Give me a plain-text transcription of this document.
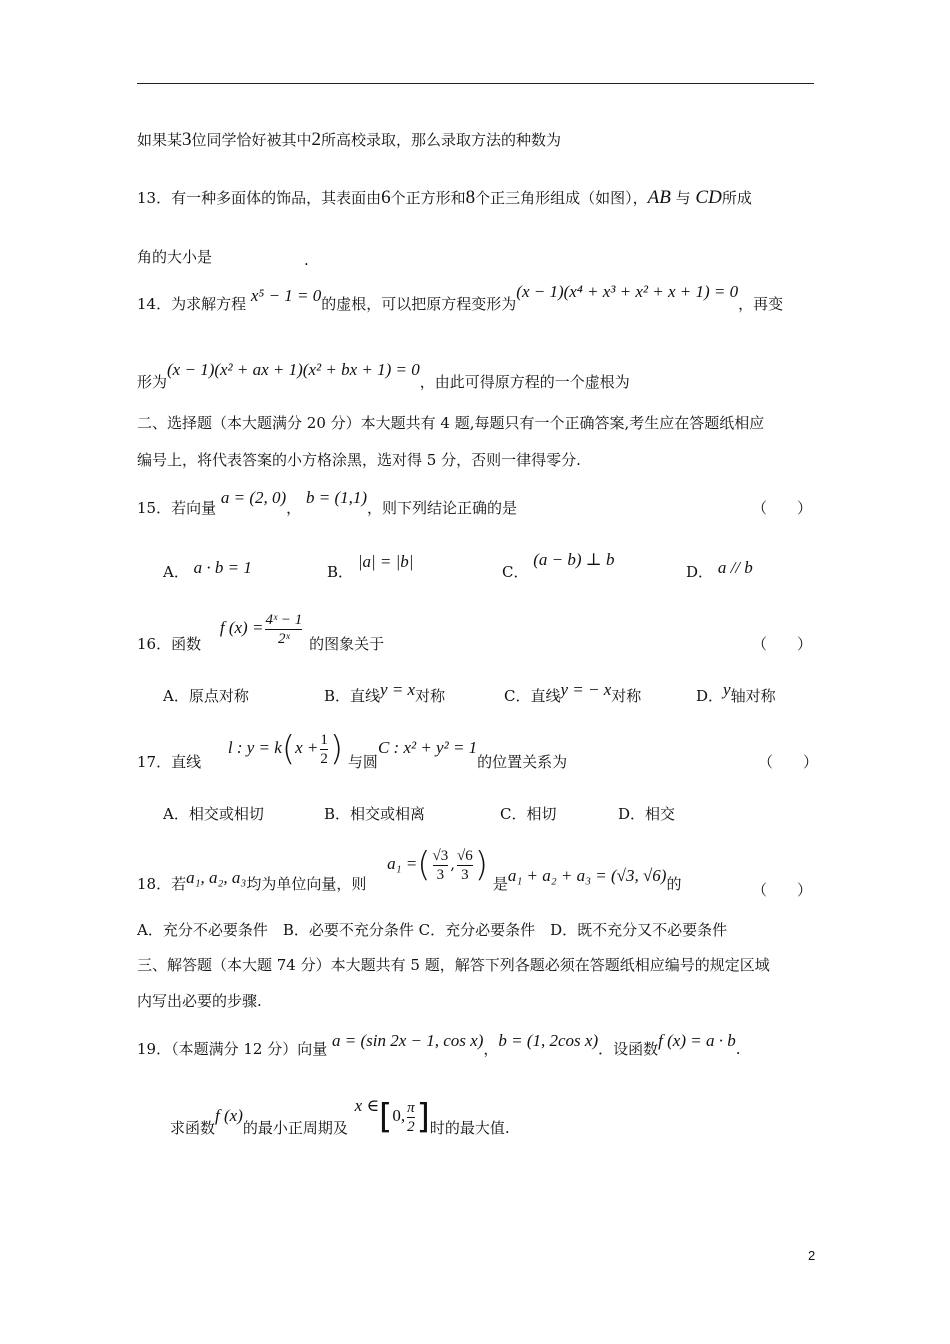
如果某3位同学恰好被其中2所高校录取，那么录取方法的种数为
13．有一种多面体的饰品，其表面由6个正方形和8个正三角形组成（如图），AB 与 CD所成
角的大小是	.
14．为求解方程 x⁵ − 1 = 0的虚根，可以把原方程变形为(x − 1)(x⁴ + x³ + x² + x + 1) = 0，再变
形为(x − 1)(x² + ax + 1)(x² + bx + 1) = 0，由此可得原方程的一个虚根为
二、选择题（本大题满分 20 分）本大题共有 4 题,每题只有一个正确答案,考生应在答题纸相应
编号上，将代表答案的小方格涂黑，选对得 5 分，否则一律得零分.
15．若向量 a = (2, 0)， b = (1,1)，则下列结论正确的是	（　　）
A． a · b = 1	B． |a| = |b|
C． (a − b) ⊥ b
D． a // b
16．函数 f $(x) = \frac{\text{4ˣ − 1}}{\text{2ˣ}}$ 的图象关于	（　　）
A．原点对称	B．直线y = x对称	C．直线y = − x对称	D．y轴对称
17．直线 l : $y = k(x + \frac{1}{2}$ ) 与圆C : x² + y² = 1的位置关系为	（　　）
A．相交或相切	B．相交或相离	C．相切	D．相交
18．若a₁, a₂, a₃均为单位向量，则 a₁ =( $\frac{√3}{3}$ , $\frac{√6}{3}$ ) 是a₁ + a₂ + a₃ = (√3, √6)的	（　　）
A．充分不必要条件　B．必要不充分条件 C．充分必要条件　D．既不充分又不必要条件
三、解答题（本大题 74 分）本大题共有 5 题，解答下列各题必须在答题纸相应编号的规定区域
内写出必要的步骤.
19．（本题满分 12 分）向量 a = (sin 2x − 1, cos x)，b = (1, 2cos x)．设函数f (x) = a · b.
求函数f (x)的最小正周期及 x ∈[0, $\frac{\pi}{2}$ ]时的最大值.
2
